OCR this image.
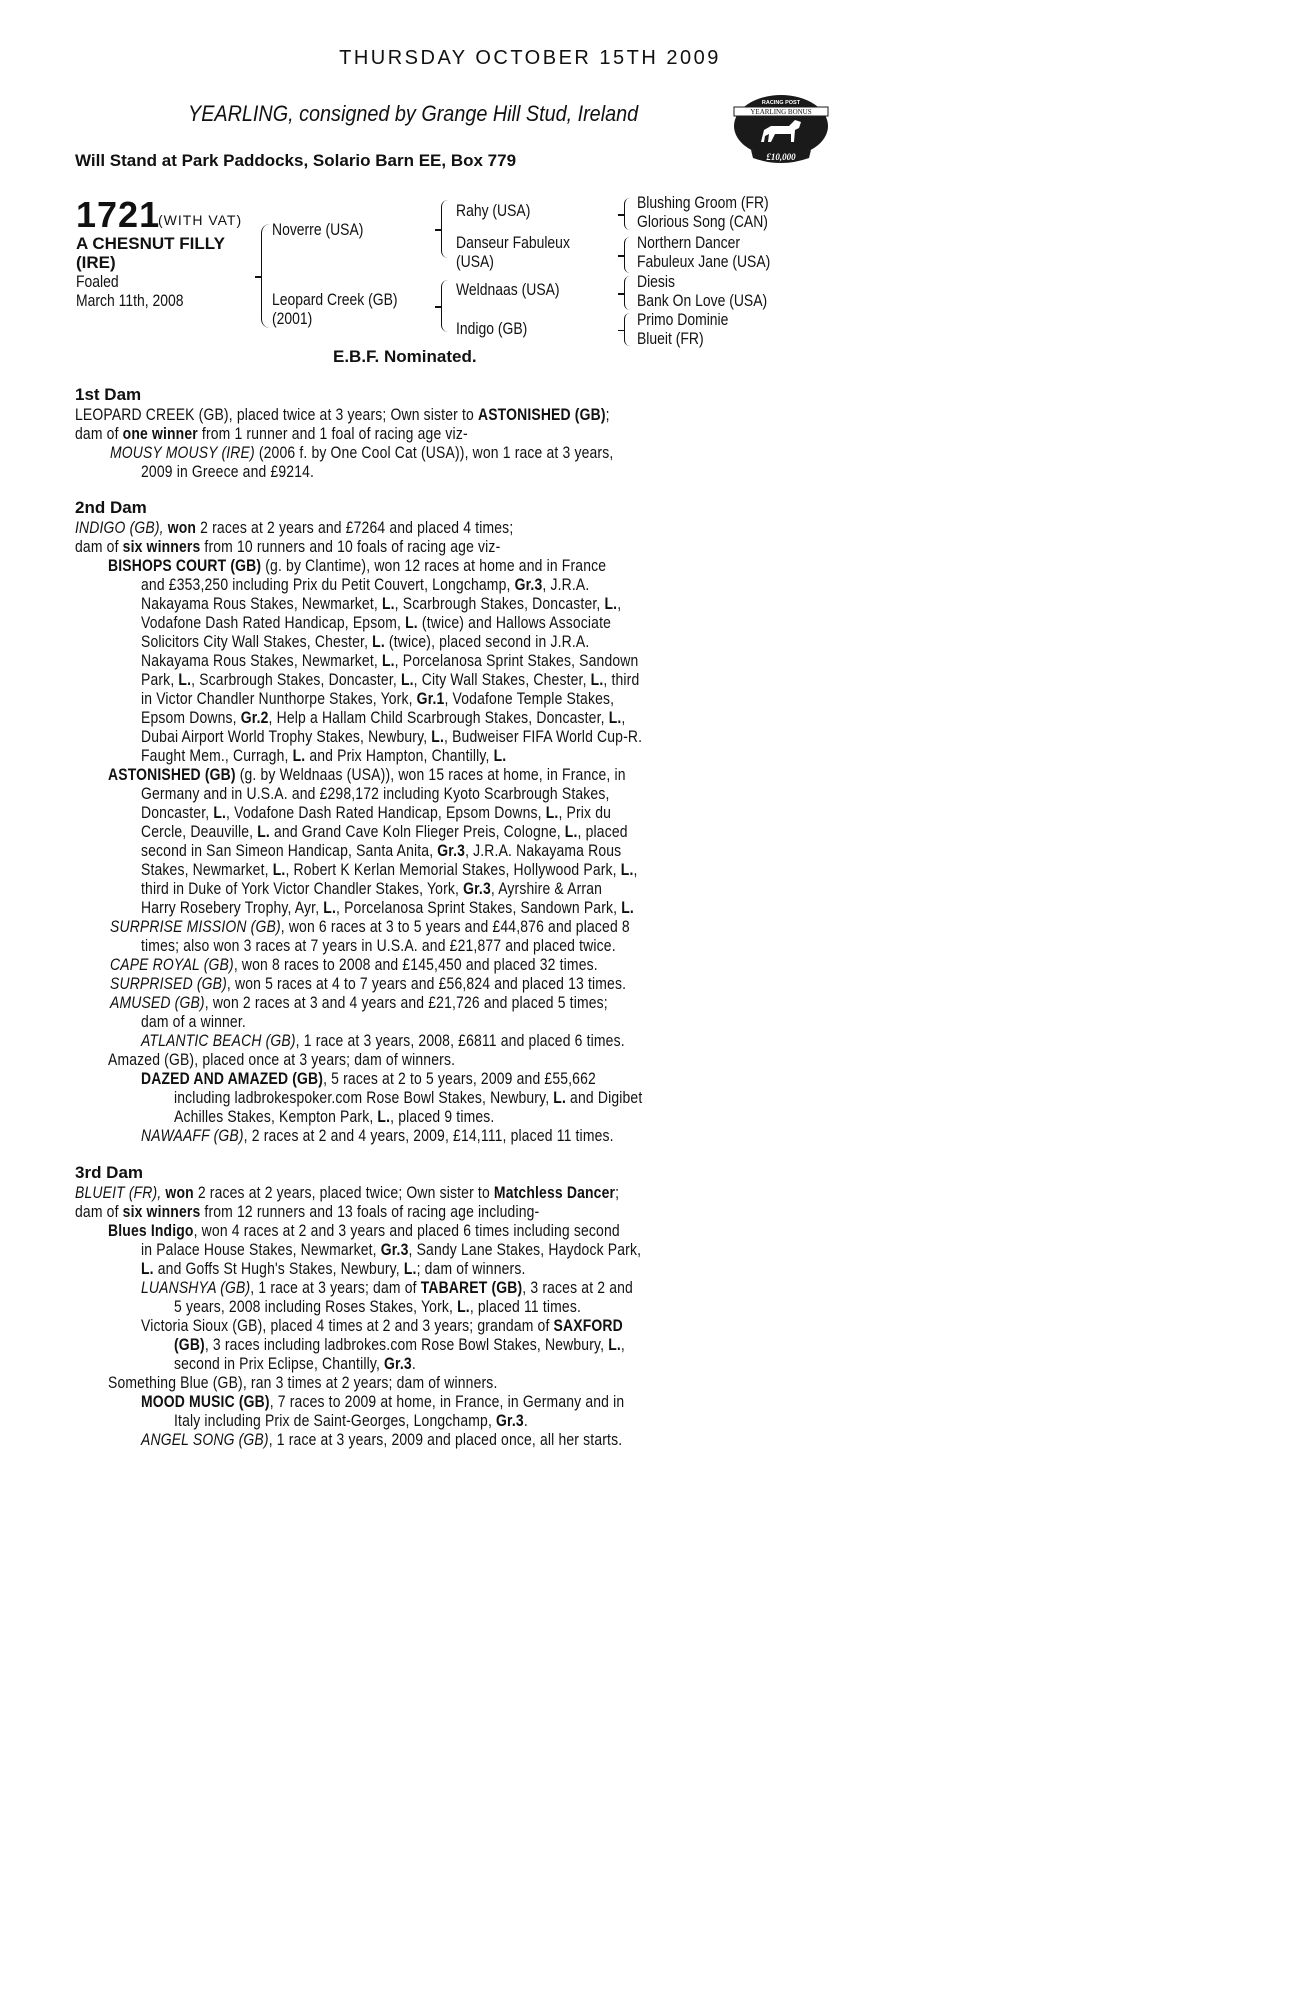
THURSDAY OCTOBER 15TH 2009
YEARLING, consigned by Grange Hill Stud, Ireland
Will Stand at Park Paddocks, Solario Barn EE, Box 779
RACING POST
YEARLING BONUS
£10,000
1721
(WITH VAT)
A CHESNUT FILLY
(IRE)
Foaled
March 11th, 2008
Noverre (USA)
Leopard Creek (GB)
(2001)
Rahy (USA)
Danseur Fabuleux
(USA)
Weldnaas (USA)
Indigo (GB)
Blushing Groom (FR)
Glorious Song (CAN)
Northern Dancer
Fabuleux Jane (USA)
Diesis
Bank On Love (USA)
Primo Dominie
Blueit (FR)
E.B.F. Nominated.
1st Dam
LEOPARD CREEK (GB), placed twice at 3 years; Own sister to ASTONISHED (GB);
dam of one winner from 1 runner and 1 foal of racing age viz-
MOUSY MOUSY (IRE) (2006 f. by One Cool Cat (USA)), won 1 race at 3 years,
2009 in Greece and £9214.
2nd Dam
INDIGO (GB), won 2 races at 2 years and £7264 and placed 4 times;
dam of six winners from 10 runners and 10 foals of racing age viz-
BISHOPS COURT (GB) (g. by Clantime), won 12 races at home and in France
and £353,250 including Prix du Petit Couvert, Longchamp, Gr.3, J.R.A.
Nakayama Rous Stakes, Newmarket, L., Scarbrough Stakes, Doncaster, L.,
Vodafone Dash Rated Handicap, Epsom, L. (twice) and Hallows Associate
Solicitors City Wall Stakes, Chester, L. (twice), placed second in J.R.A.
Nakayama Rous Stakes, Newmarket, L., Porcelanosa Sprint Stakes, Sandown
Park, L., Scarbrough Stakes, Doncaster, L., City Wall Stakes, Chester, L., third
in Victor Chandler Nunthorpe Stakes, York, Gr.1, Vodafone Temple Stakes,
Epsom Downs, Gr.2, Help a Hallam Child Scarbrough Stakes, Doncaster, L.,
Dubai Airport World Trophy Stakes, Newbury, L., Budweiser FIFA World Cup-R.
Faught Mem., Curragh, L. and Prix Hampton, Chantilly, L.
ASTONISHED (GB) (g. by Weldnaas (USA)), won 15 races at home, in France, in
Germany and in U.S.A. and £298,172 including Kyoto Scarbrough Stakes,
Doncaster, L., Vodafone Dash Rated Handicap, Epsom Downs, L., Prix du
Cercle, Deauville, L. and Grand Cave Koln Flieger Preis, Cologne, L., placed
second in San Simeon Handicap, Santa Anita, Gr.3, J.R.A. Nakayama Rous
Stakes, Newmarket, L., Robert K Kerlan Memorial Stakes, Hollywood Park, L.,
third in Duke of York Victor Chandler Stakes, York, Gr.3, Ayrshire & Arran
Harry Rosebery Trophy, Ayr, L., Porcelanosa Sprint Stakes, Sandown Park, L.
SURPRISE MISSION (GB), won 6 races at 3 to 5 years and £44,876 and placed 8
times; also won 3 races at 7 years in U.S.A. and £21,877 and placed twice.
CAPE ROYAL (GB), won 8 races to 2008 and £145,450 and placed 32 times.
SURPRISED (GB), won 5 races at 4 to 7 years and £56,824 and placed 13 times.
AMUSED (GB), won 2 races at 3 and 4 years and £21,726 and placed 5 times;
dam of a winner.
ATLANTIC BEACH (GB), 1 race at 3 years, 2008, £6811 and placed 6 times.
Amazed (GB), placed once at 3 years; dam of winners.
DAZED AND AMAZED (GB), 5 races at 2 to 5 years, 2009 and £55,662
including ladbrokespoker.com Rose Bowl Stakes, Newbury, L. and Digibet
Achilles Stakes, Kempton Park, L., placed 9 times.
NAWAAFF (GB), 2 races at 2 and 4 years, 2009, £14,111, placed 11 times.
3rd Dam
BLUEIT (FR), won 2 races at 2 years, placed twice; Own sister to Matchless Dancer;
dam of six winners from 12 runners and 13 foals of racing age including-
Blues Indigo, won 4 races at 2 and 3 years and placed 6 times including second
in Palace House Stakes, Newmarket, Gr.3, Sandy Lane Stakes, Haydock Park,
L. and Goffs St Hugh's Stakes, Newbury, L.; dam of winners.
LUANSHYA (GB), 1 race at 3 years; dam of TABARET (GB), 3 races at 2 and
5 years, 2008 including Roses Stakes, York, L., placed 11 times.
Victoria Sioux (GB), placed 4 times at 2 and 3 years; grandam of SAXFORD
(GB), 3 races including ladbrokes.com Rose Bowl Stakes, Newbury, L.,
second in Prix Eclipse, Chantilly, Gr.3.
Something Blue (GB), ran 3 times at 2 years; dam of winners.
MOOD MUSIC (GB), 7 races to 2009 at home, in France, in Germany and in
Italy including Prix de Saint-Georges, Longchamp, Gr.3.
ANGEL SONG (GB), 1 race at 3 years, 2009 and placed once, all her starts.
